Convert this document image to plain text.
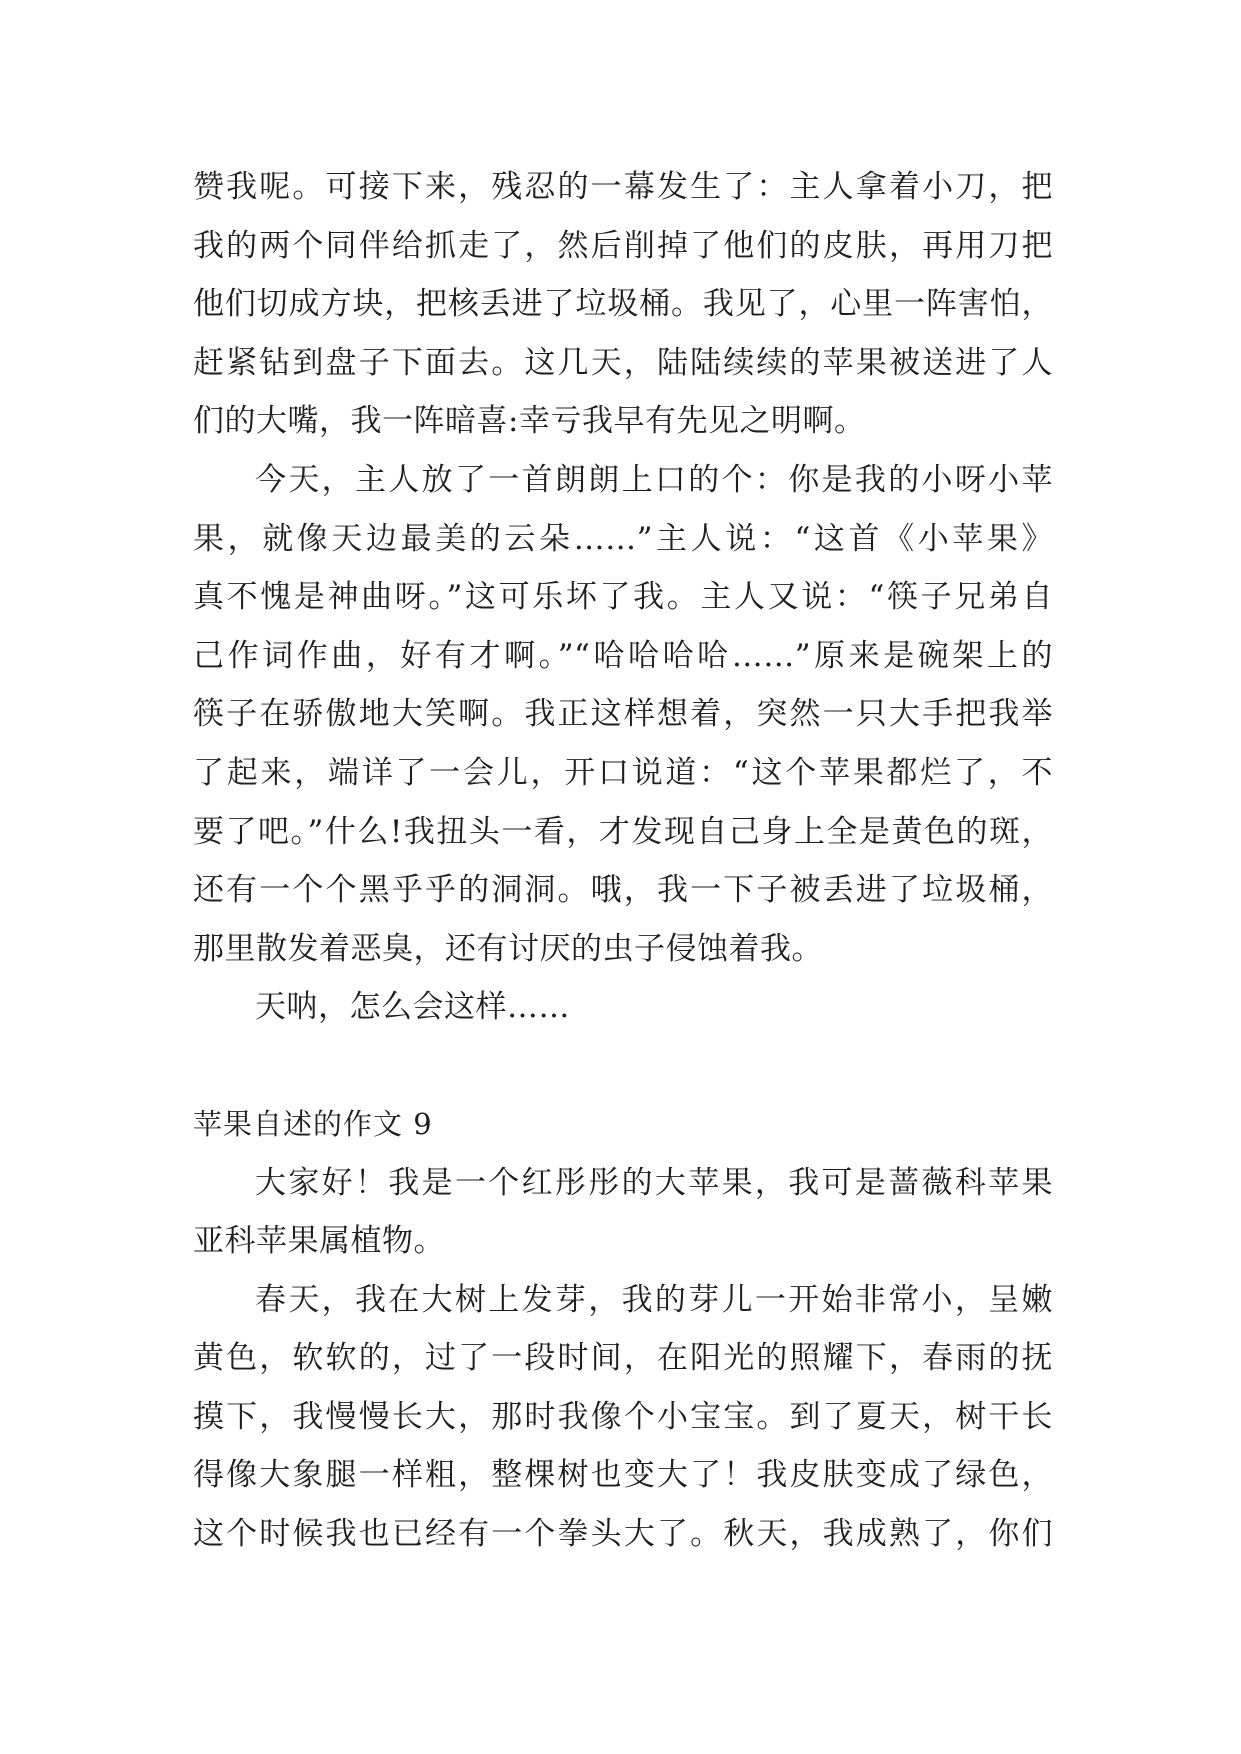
赞我呢。可接下来，残忍的一幕发生了：主人拿着小刀，把
我的两个同伴给抓走了，然后削掉了他们的皮肤，再用刀把
他们切成方块，把核丢进了垃圾桶。我见了，心里一阵害怕，
赶紧钻到盘子下面去。这几天，陆陆续续的苹果被送进了人
们的大嘴，我一阵暗喜:幸亏我早有先见之明啊。
今天，主人放了一首朗朗上口的个：你是我的小呀小苹
果，就像天边最美的云朵……”主人说：“这首《小苹果》
真不愧是神曲呀。”这可乐坏了我。主人又说：“筷子兄弟自
己作词作曲，好有才啊。”“哈哈哈哈……”原来是碗架上的
筷子在骄傲地大笑啊。我正这样想着，突然一只大手把我举
了起来，端详了一会儿，开口说道：“这个苹果都烂了，不
要了吧。”什么!我扭头一看，才发现自己身上全是黄色的斑，
还有一个个黑乎乎的洞洞。哦，我一下子被丢进了垃圾桶，
那里散发着恶臭，还有讨厌的虫子侵蚀着我。
天呐，怎么会这样……
苹果自述的作文 9
大家好！我是一个红彤彤的大苹果，我可是蔷薇科苹果
亚科苹果属植物。
春天，我在大树上发芽，我的芽儿一开始非常小，呈嫩
黄色，软软的，过了一段时间，在阳光的照耀下，春雨的抚
摸下，我慢慢长大，那时我像个小宝宝。到了夏天，树干长
得像大象腿一样粗，整棵树也变大了！我皮肤变成了绿色，
这个时候我也已经有一个拳头大了。秋天，我成熟了，你们
